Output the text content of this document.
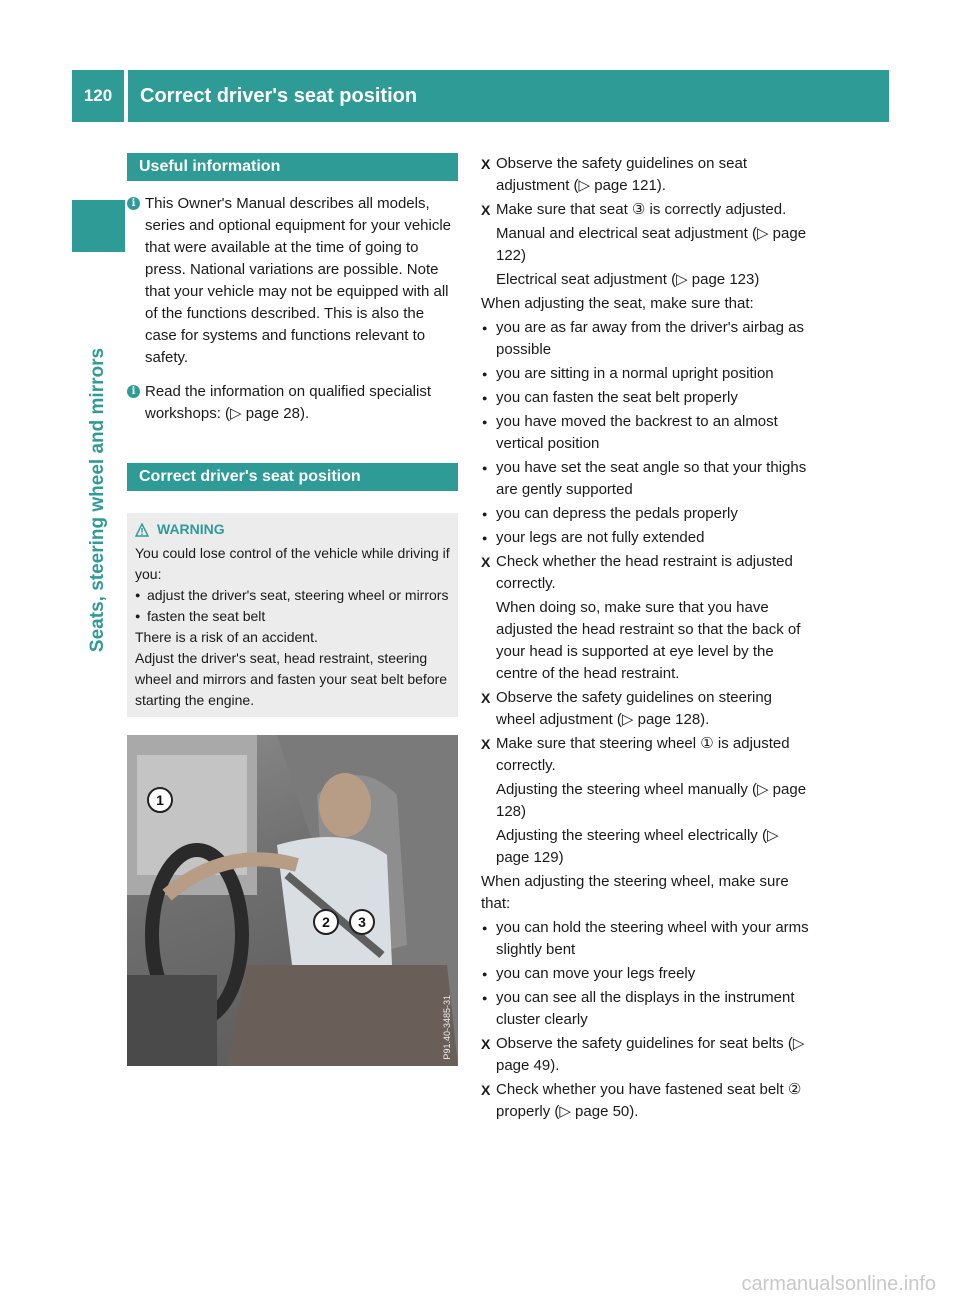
120	Correct driver's seat position
Seats, steering wheel and mirrors
Useful information
i This Owner's Manual describes all models, series and optional equipment for your vehicle that were available at the time of going to press. National variations are possible. Note that your vehicle may not be equipped with all of the functions described. This is also the case for systems and functions relevant to safety.
i Read the information on qualified specialist workshops: (▷ page 28).
Correct driver's seat position
WARNING
You could lose control of the vehicle while driving if you:
● adjust the driver's seat, steering wheel or mirrors
● fasten the seat belt
There is a risk of an accident.
Adjust the driver's seat, head restraint, steering wheel and mirrors and fasten your seat belt before starting the engine.
1
2	3
P91.40-3485-31
X Observe the safety guidelines on seat adjustment (▷ page 121).
X Make sure that seat ③ is correctly adjusted.
Manual and electrical seat adjustment (▷ page 122)
Electrical seat adjustment (▷ page 123)
When adjusting the seat, make sure that:
● you are as far away from the driver's airbag as possible
● you are sitting in a normal upright position
● you can fasten the seat belt properly
● you have moved the backrest to an almost vertical position
● you have set the seat angle so that your thighs are gently supported
● you can depress the pedals properly
● your legs are not fully extended
X Check whether the head restraint is adjusted correctly.
When doing so, make sure that you have adjusted the head restraint so that the back of your head is supported at eye level by the centre of the head restraint.
X Observe the safety guidelines on steering wheel adjustment (▷ page 128).
X Make sure that steering wheel ① is adjusted correctly.
Adjusting the steering wheel manually (▷ page 128)
Adjusting the steering wheel electrically (▷ page 129)
When adjusting the steering wheel, make sure that:
● you can hold the steering wheel with your arms slightly bent
● you can move your legs freely
● you can see all the displays in the instrument cluster clearly
X Observe the safety guidelines for seat belts (▷ page 49).
X Check whether you have fastened seat belt ② properly (▷ page 50).
carmanualsonline.info
